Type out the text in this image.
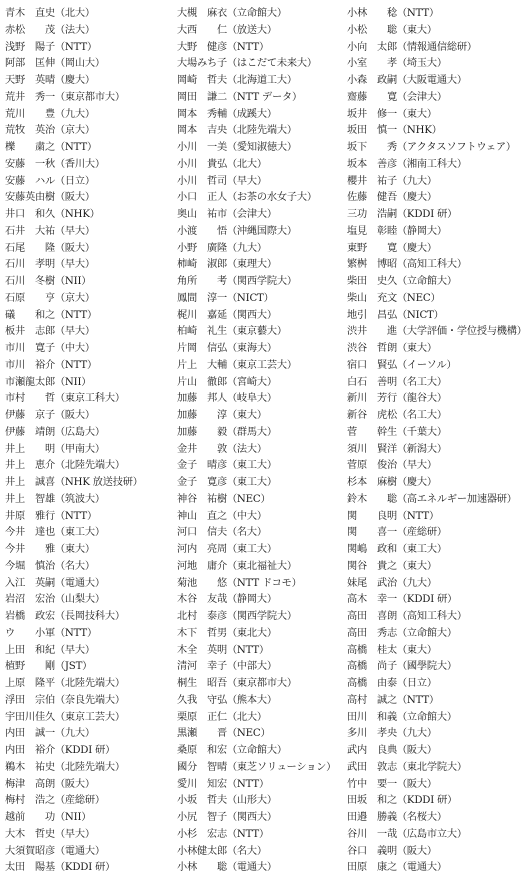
青木　直史（北大）
赤松　　茂（法大）
浅野　陽子（NTT）
阿部　匡伸（岡山大）
天野　英晴（慶大）
荒井　秀一（東京都市大）
荒川　　豊（九大）
荒牧　英治（京大）
櫟　　粛之（NTT）
安藤　一秋（香川大）
安藤　ハル（日立）
安藤英由樹（阪大）
井口　和久（NHK）
石井　大祐（早大）
石尾　　隆（阪大）
石川　孝明（早大）
石川　冬樹（NII）
石原　　亨（京大）
礒　　和之（NTT）
板井　志郎（早大）
市川　寛子（中大）
市川　裕介（NTT）
市瀬龍太郎（NII）
市村　　哲（東京工科大）
伊藤　京子（阪大）
伊藤　靖朗（広島大）
井上　　明（甲南大）
井上　恵介（北陸先端大）
井上　誠喜（NHK 放送技研）
井上　智雄（筑波大）
井原　雅行（NTT）
今井　達也（東工大）
今井　　雅（東大）
今堀　慎治（名大）
入江　英嗣（電通大）
岩沼　宏治（山梨大）
岩橋　政宏（長岡技科大）
ウ　　小軍（NTT）
上田　和紀（早大）
植野　　剛（JST）
上原　隆平（北陸先端大）
浮田　宗伯（奈良先端大）
宇田川佳久（東京工芸大）
内田　誠一（九大）
内田　裕介（KDDI 研）
鵜木　祐史（北陸先端大）
梅津　高朗（阪大）
梅村　浩之（産総研）
越前　　功（NII）
大木　哲史（早大）
大須賀昭彦（電通大）
太田　陽基（KDDI 研）
大槻　麻衣（立命館大）
大西　　仁（放送大）
大野　健彦（NTT）
大場みち子（はこだて未来大）
岡崎　哲夫（北海道工大）
岡田　謙二（NTT データ）
岡本　秀輔（成蹊大）
岡本　吉央（北陸先端大）
小川　一美（愛知淑徳大）
小川　貴弘（北大）
小川　哲司（早大）
小口　正人（お茶の水女子大）
奥山　祐市（会津大）
小渡　　悟（沖縄国際大）
小野　廣隆（九大）
柿崎　淑郎（東理大）
角所　　考（関西学院大）
鳳間　淳一（NICT）
梶川　嘉延（関西大）
柏崎　礼生（東京藝大）
片岡　信弘（東海大）
片上　大輔（東京工芸大）
片山　徹郎（宮崎大）
加藤　邦人（岐阜大）
加藤　　淳（東大）
加藤　　毅（群馬大）
金井　　敦（法大）
金子　晴彦（東工大）
金子　寛彦（東工大）
神谷　祐樹（NEC）
神山　直之（中大）
河口　信夫（名大）
河内　亮周（東工大）
河地　庸介（東北福祉大）
菊池　　悠（NTT ドコモ）
木谷　友哉（静岡大）
北村　泰彦（関西学院大）
木下　哲男（東北大）
木全　英明（NTT）
清河　幸子（中部大）
桐生　昭吾（東京都市大）
久我　守弘（熊本大）
栗原　正仁（北大）
黒瀬　　晋（NEC）
桑原　和宏（立命館大）
國分　智晴（東芝ソリューション）
愛川　知宏（NTT）
小坂　哲夫（山形大）
小尻　智子（関西大）
小杉　宏志（NTT）
小林健太郎（名大）
小林　　聡（電通大）
小林　　稔（NTT）
小松　　聡（東大）
小向　太郎（情報通信総研）
小室　　孝（埼玉大）
小森　政嗣（大阪電通大）
齋藤　　寛（会津大）
坂井　修一（東大）
坂田　慎一（NHK）
坂下　　秀（アクタスソフトウェア）
坂本　善彦（湘南工科大）
櫻井　祐子（九大）
佐藤　健吾（慶大）
三功　浩嗣（KDDI 研）
塩見　彰睦（静岡大）
東野　　寛（慶大）
繁桝　博昭（高知工科大）
柴田　史久（立命館大）
柴山　充文（NEC）
地引　昌弘（NICT）
渋井　　進（大学評価・学位授与機構）
渋谷　哲朗（東大）
宿口　賢弘（イーソル）
白石　善明（名工大）
新川　芳行（龍谷大）
新谷　虎松（名工大）
菅　　幹生（千葉大）
須川　賢洋（新潟大）
菅原　俊治（早大）
杉本　麻樹（慶大）
鈴木　　聡（高エネルギー加速器研）
関　　良明（NTT）
関　　喜一（産総研）
関嶋　政和（東工大）
関谷　貴之（東大）
妹尾　武治（九大）
高木　幸一（KDDI 研）
高田　喜朗（高知工科大）
高田　秀志（立命館大）
高橋　桂太（東大）
高橋　尚子（國學院大）
高橋　由泰（日立）
高村　誠之（NTT）
田川　和義（立命館大）
多川　孝央（九大）
武内　良典（阪大）
武田　敦志（東北学院大）
竹中　要一（阪大）
田坂　和之（KDDI 研）
田邉　勝義（名桜大）
谷川　一哉（広島市立大）
谷口　義明（阪大）
田原　康之（電通大）
